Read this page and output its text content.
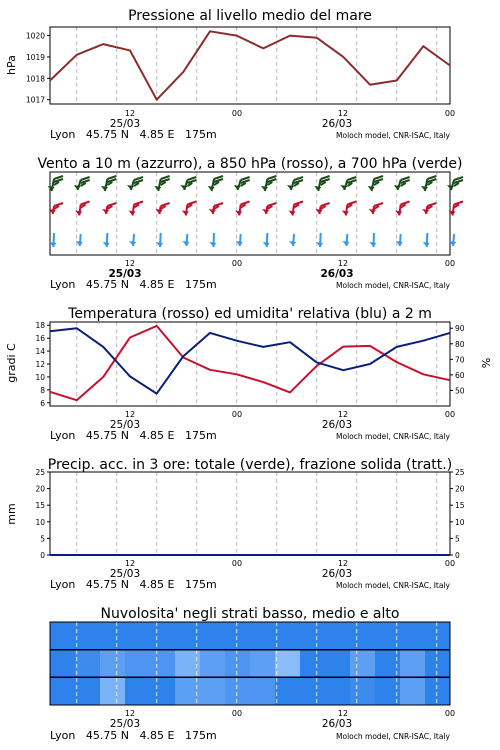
Pressione al livello medio del mare
1017
1018
1019
1020
hPa
12	00	12	00
25/03	26/03
Lyon   45.75 N   4.85 E   175m	Moloch model, CNR-ISAC, Italy
Vento a 10 m (azzurro), a 850 hPa (rosso), a 700 hPa (verde)
12	00	12	00
25/03	26/03
Lyon   45.75 N   4.85 E   175m	Moloch model, CNR-ISAC, Italy
Temperatura (rosso) ed umidita' relativa (blu) a 2 m
6
8
10
12
14
16
18
50
60
70
80
90
gradi C	%
12	00	12	00
25/03	26/03
Lyon   45.75 N   4.85 E   175m	Moloch model, CNR-ISAC, Italy
Precip. acc. in 3 ore: totale (verde), frazione solida (tratt.)
0
5
10
15
20
25
0
5
10
15
20
25
mm
12	00	12	00
25/03	26/03
Lyon   45.75 N   4.85 E   175m	Moloch model, CNR-ISAC, Italy
Nuvolosita' negli strati basso, medio e alto
12	00	12	00
25/03	26/03
Lyon   45.75 N   4.85 E   175m	Moloch model, CNR-ISAC, Italy
